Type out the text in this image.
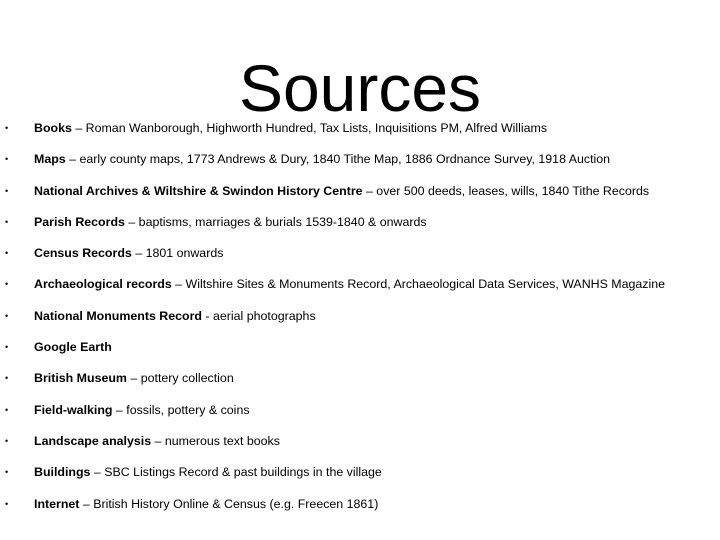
Sources
• Books – Roman Wanborough, Highworth Hundred, Tax Lists, Inquisitions PM, Alfred Williams
• Maps – early county maps, 1773 Andrews & Dury, 1840 Tithe Map, 1886 Ordnance Survey, 1918 Auction
• National Archives & Wiltshire & Swindon History Centre – over 500 deeds, leases, wills, 1840 Tithe Records
• Parish Records – baptisms, marriages & burials 1539-1840 & onwards
• Census Records – 1801 onwards
• Archaeological records – Wiltshire Sites & Monuments Record, Archaeological Data Services, WANHS Magazine
• National Monuments Record - aerial photographs
• Google Earth
• British Museum – pottery collection
• Field-walking – fossils, pottery & coins
• Landscape analysis – numerous text books
• Buildings – SBC Listings Record & past buildings in the village
• Internet – British History Online & Census (e.g. Freecen 1861)
